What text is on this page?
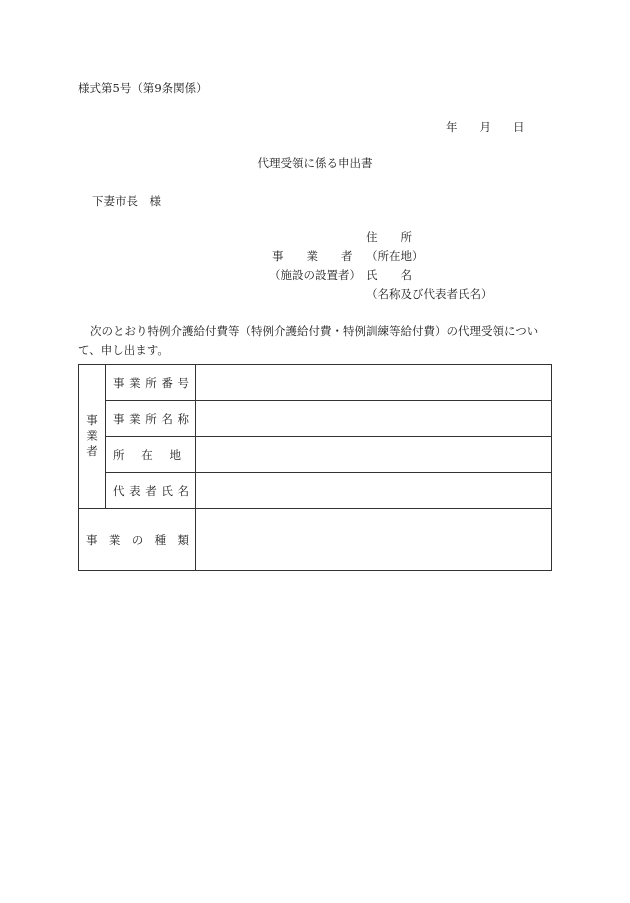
様式第5号（第9条関係）
年 月 日
代理受領に係る申出書
下妻市長　様
住　　所
事　　業　　者 （所在地）
（施設の設置者） 氏　　名
（名称及び代表者氏名）
次のとおり特例介護給付費等（特例介護給付費・特例訓練等給付費）の代理受領について、申し出ます。
事業者
事 業 所 番 号
事 業 所 名 称
所 在 地
代 表 者 氏 名
事 業 の 種 類
